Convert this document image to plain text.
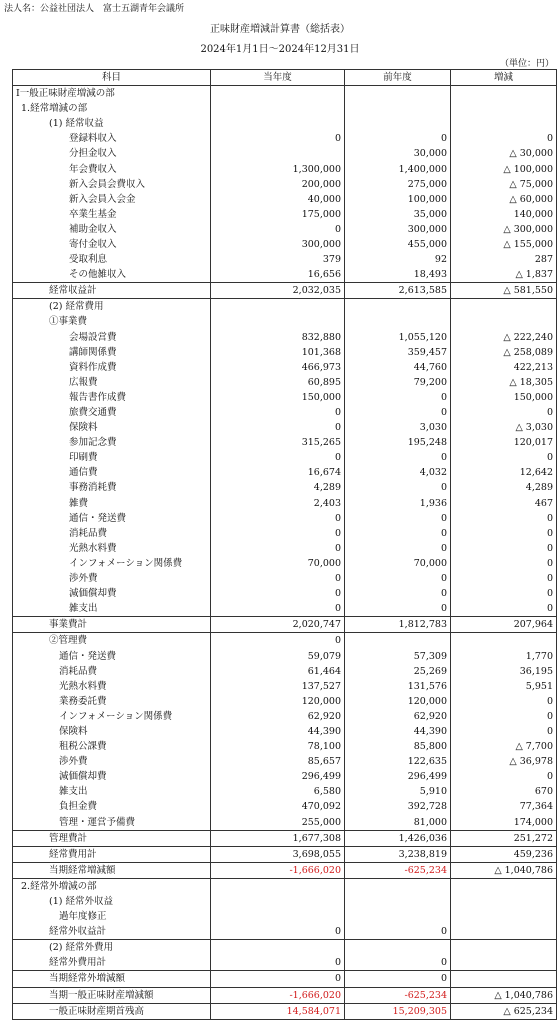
法人名：公益社団法人　富士五湖青年会議所
正味財産増減計算書（総括表）
2024年1月1日～2024年12月31日
（単位：円）
科目	当年度	前年度	増減
Ⅰ一般正味財産増減の部			
1.経常増減の部			
(1) 経常収益			
登録料収入	0	0	0
分担金収入		30,000	△ 30,000
年会費収入	1,300,000	1,400,000	△ 100,000
新入会員会費収入	200,000	275,000	△ 75,000
新入会員入会金	40,000	100,000	△ 60,000
卒業生基金	175,000	35,000	140,000
補助金収入	0	300,000	△ 300,000
寄付金収入	300,000	455,000	△ 155,000
受取利息	379	92	287
その他雑収入	16,656	18,493	△ 1,837
経常収益計	2,032,035	2,613,585	△ 581,550
(2) 経常費用			
①事業費			
会場設営費	832,880	1,055,120	△ 222,240
講師関係費	101,368	359,457	△ 258,089
資料作成費	466,973	44,760	422,213
広報費	60,895	79,200	△ 18,305
報告書作成費	150,000	0	150,000
旅費交通費	0	0	0
保険料	0	3,030	△ 3,030
参加記念費	315,265	195,248	120,017
印刷費	0	0	0
通信費	16,674	4,032	12,642
事務消耗費	4,289	0	4,289
雑費	2,403	1,936	467
通信・発送費	0	0	0
消耗品費	0	0	0
光熱水料費	0	0	0
インフォメーション関係費	70,000	70,000	0
渉外費	0	0	0
減価償却費	0	0	0
雑支出	0	0	0
事業費計	2,020,747	1,812,783	207,964
②管理費	0		
通信・発送費	59,079	57,309	1,770
消耗品費	61,464	25,269	36,195
光熱水料費	137,527	131,576	5,951
業務委託費	120,000	120,000	0
インフォメーション関係費	62,920	62,920	0
保険料	44,390	44,390	0
租税公課費	78,100	85,800	△ 7,700
渉外費	85,657	122,635	△ 36,978
減価償却費	296,499	296,499	0
雑支出	6,580	5,910	670
負担金費	470,092	392,728	77,364
管理・運営予備費	255,000	81,000	174,000
管理費計	1,677,308	1,426,036	251,272
経常費用計	3,698,055	3,238,819	459,236
当期経常増減額	-1,666,020	-625,234	△ 1,040,786
2.経常外増減の部			
(1) 経常外収益			
過年度修正			
経常外収益計	0	0	
(2) 経常外費用			
経常外費用計	0	0	
当期経常外増減額	0	0	
当期一般正味財産増減額	-1,666,020	-625,234	△ 1,040,786
一般正味財産期首残高	14,584,071	15,209,305	△ 625,234
